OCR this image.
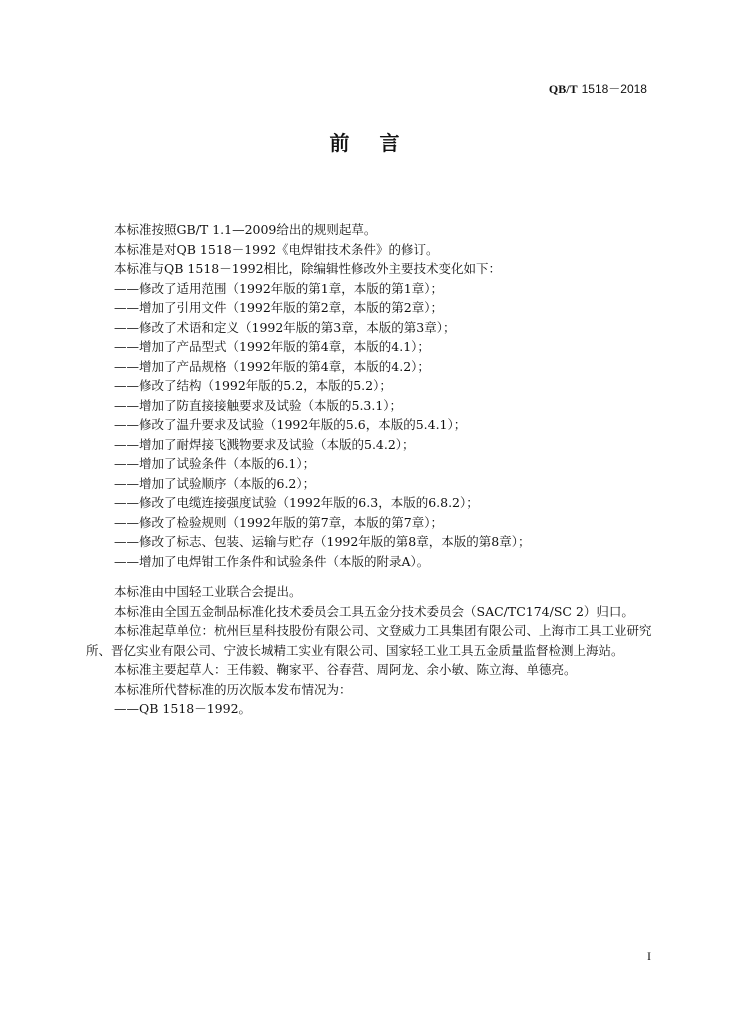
QB/T 1518－2018
前言
本标准按照GB/T 1.1—2009给出的规则起草。
本标准是对QB 1518－1992《电焊钳技术条件》的修订。
本标准与QB 1518－1992相比，除编辑性修改外主要技术变化如下：
——修改了适用范围（1992年版的第1章，本版的第1章）；
——增加了引用文件（1992年版的第2章，本版的第2章）；
——修改了术语和定义（1992年版的第3章，本版的第3章）；
——增加了产品型式（1992年版的第4章，本版的4.1）；
——增加了产品规格（1992年版的第4章，本版的4.2）；
——修改了结构（1992年版的5.2，本版的5.2）；
——增加了防直接接触要求及试验（本版的5.3.1）；
——修改了温升要求及试验（1992年版的5.6，本版的5.4.1）；
——增加了耐焊接飞溅物要求及试验（本版的5.4.2）；
——增加了试验条件（本版的6.1）；
——增加了试验顺序（本版的6.2）；
——修改了电缆连接强度试验（1992年版的6.3，本版的6.8.2）；
——修改了检验规则（1992年版的第7章，本版的第7章）；
——修改了标志、包装、运输与贮存（1992年版的第8章，本版的第8章）；
——增加了电焊钳工作条件和试验条件（本版的附录A）。
本标准由中国轻工业联合会提出。
本标准由全国五金制品标准化技术委员会工具五金分技术委员会（SAC/TC174/SC 2）归口。
本标准起草单位：杭州巨星科技股份有限公司、文登威力工具集团有限公司、上海市工具工业研究
所、晋亿实业有限公司、宁波长城精工实业有限公司、国家轻工业工具五金质量监督检测上海站。
本标准主要起草人：王伟毅、鞠家平、谷春营、周阿龙、余小敏、陈立海、单德亮。
本标准所代替标准的历次版本发布情况为：
——QB 1518－1992。
I
